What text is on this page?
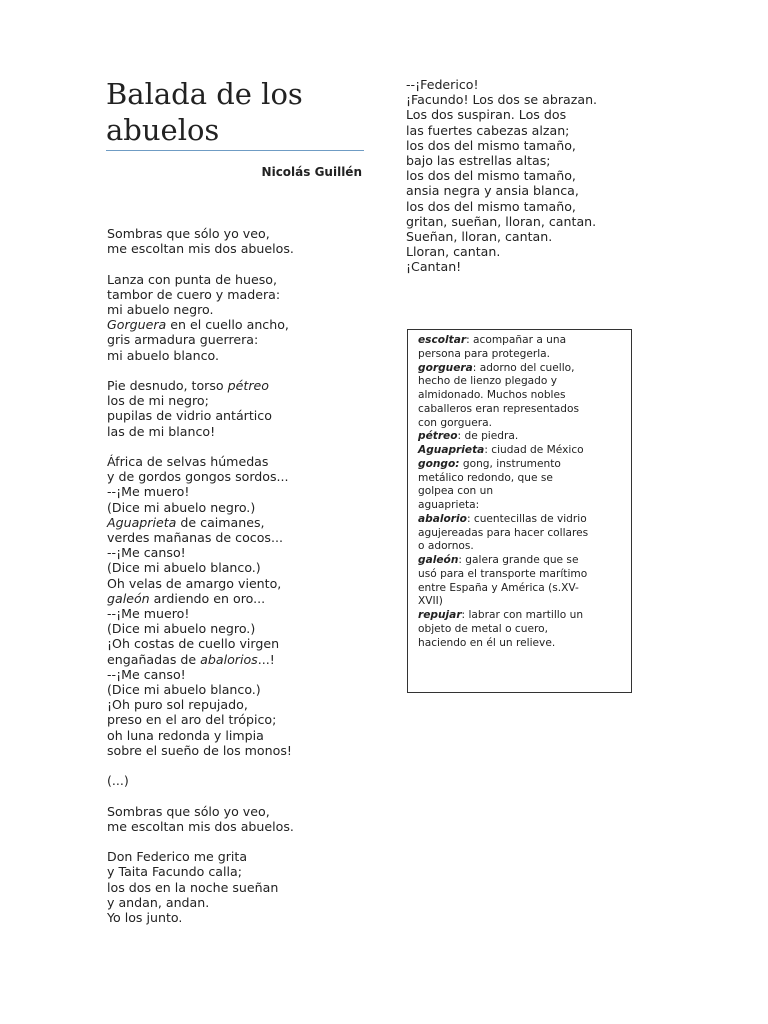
Balada de los abuelos
Nicolás Guillén
Sombras que sólo yo veo,
me escoltan mis dos abuelos.
Lanza con punta de hueso,
tambor de cuero y madera:
mi abuelo negro.
Gorguera en el cuello ancho,
gris armadura guerrera:
mi abuelo blanco.
Pie desnudo, torso pétreo
los de mi negro;
pupilas de vidrio antártico
las de mi blanco!
África de selvas húmedas
y de gordos gongos sordos...
--¡Me muero!
(Dice mi abuelo negro.)
Aguaprieta de caimanes,
verdes mañanas de cocos...
--¡Me canso!
(Dice mi abuelo blanco.)
Oh velas de amargo viento,
galeón ardiendo en oro...
--¡Me muero!
(Dice mi abuelo negro.)
¡Oh costas de cuello virgen
engañadas de abalorios...!
--¡Me canso!
(Dice mi abuelo blanco.)
¡Oh puro sol repujado,
preso en el aro del trópico;
oh luna redonda y limpia
sobre el sueño de los monos!
(...)
Sombras que sólo yo veo,
me escoltan mis dos abuelos.
Don Federico me grita
y Taita Facundo calla;
los dos en la noche sueñan
y andan, andan.
Yo los junto.
--¡Federico!
¡Facundo! Los dos se abrazan.
Los dos suspiran. Los dos
las fuertes cabezas alzan;
los dos del mismo tamaño,
bajo las estrellas altas;
los dos del mismo tamaño,
ansia negra y ansia blanca,
los dos del mismo tamaño,
gritan, sueñan, lloran, cantan.
Sueñan, lloran, cantan.
Lloran, cantan.
¡Cantan!
escoltar: acompañar a una
persona para protegerla.
gorguera: adorno del cuello,
hecho de lienzo plegado y
almidonado. Muchos nobles
caballeros eran representados
con gorguera.
pétreo: de piedra.
Aguaprieta: ciudad de México
gongo: gong, instrumento
metálico redondo, que se
golpea con un
aguaprieta:
abalorio: cuentecillas de vidrio
agujereadas para hacer collares
o adornos.
galeón: galera grande que se
usó para el transporte marítimo
entre España y América (s.XV-
XVII)
repujar: labrar con martillo un
objeto de metal o cuero,
haciendo en él un relieve.
